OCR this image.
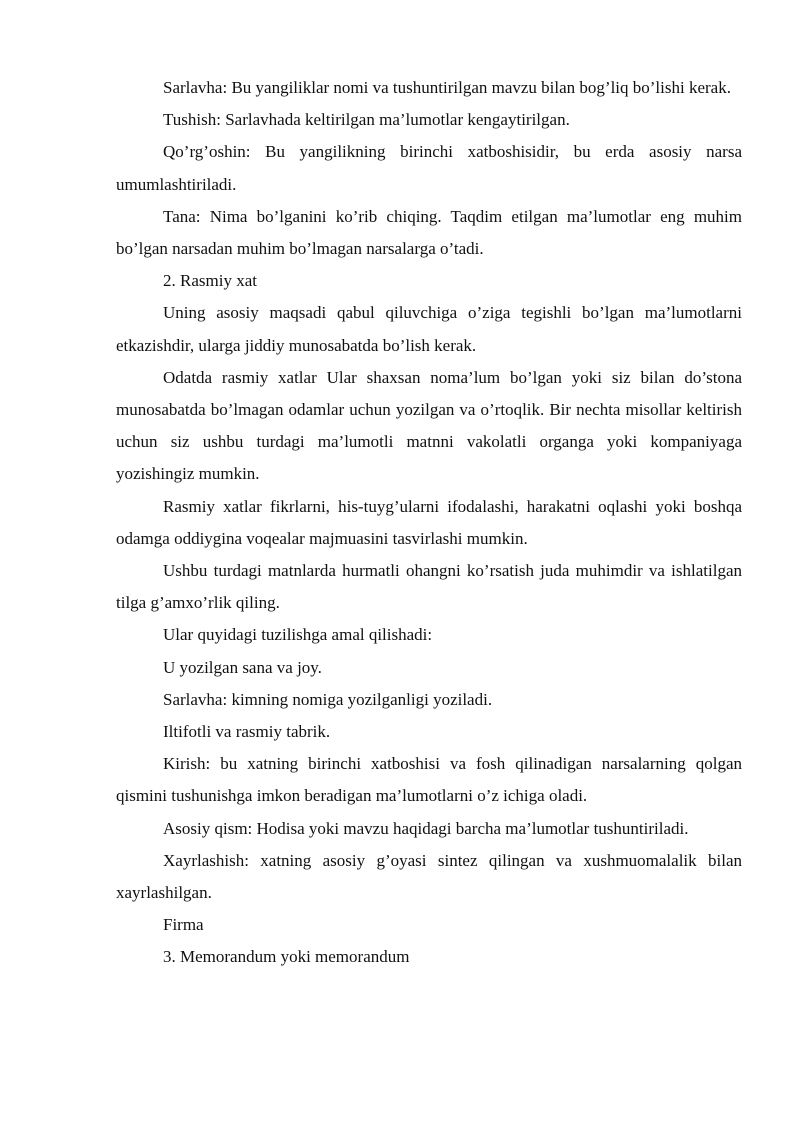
Sarlavha: Bu yangiliklar nomi va tushuntirilgan mavzu bilan bog’liq bo’lishi kerak.

Tushish: Sarlavhada keltirilgan ma’lumotlar kengaytirilgan.

Qo’rg’oshin: Bu yangilikning birinchi xatboshisidir, bu erda asosiy narsa umumlashtiriladi.

Tana: Nima bo’lganini ko’rib chiqing. Taqdim etilgan ma’lumotlar eng muhim bo’lgan narsadan muhim bo’lmagan narsalarga o’tadi.

2. Rasmiy xat

Uning asosiy maqsadi qabul qiluvchiga o’ziga tegishli bo’lgan ma’lumotlarni etkazishdir, ularga jiddiy munosabatda bo’lish kerak.

Odatda rasmiy xatlar Ular shaxsan noma’lum bo’lgan yoki siz bilan do’stona munosabatda bo’lmagan odamlar uchun yozilgan va o’rtoqlik. Bir nechta misollar keltirish uchun siz ushbu turdagi ma’lumotli matnni vakolatli organga yoki kompaniyaga yozishingiz mumkin.

Rasmiy xatlar fikrlarni, his-tuyg’ularni ifodalashi, harakatni oqlashi yoki boshqa odamga oddiygina voqealar majmuasini tasvirlashi mumkin.

Ushbu turdagi matnlarda hurmatli ohangni ko’rsatish juda muhimdir va ishlatilgan tilga g’amxo’rlik qiling.

Ular quyidagi tuzilishga amal qilishadi:

U yozilgan sana va joy.

Sarlavha: kimning nomiga yozilganligi yoziladi.

Iltifotli va rasmiy tabrik.

Kirish: bu xatning birinchi xatboshisi va fosh qilinadigan narsalarning qolgan qismini tushunishga imkon beradigan ma’lumotlarni o’z ichiga oladi.

Asosiy qism: Hodisa yoki mavzu haqidagi barcha ma’lumotlar tushuntiriladi.

Xayrlashish: xatning asosiy g’oyasi sintez qilingan va xushmuomalalik bilan xayrlashilgan.

Firma

3. Memorandum yoki memorandum
